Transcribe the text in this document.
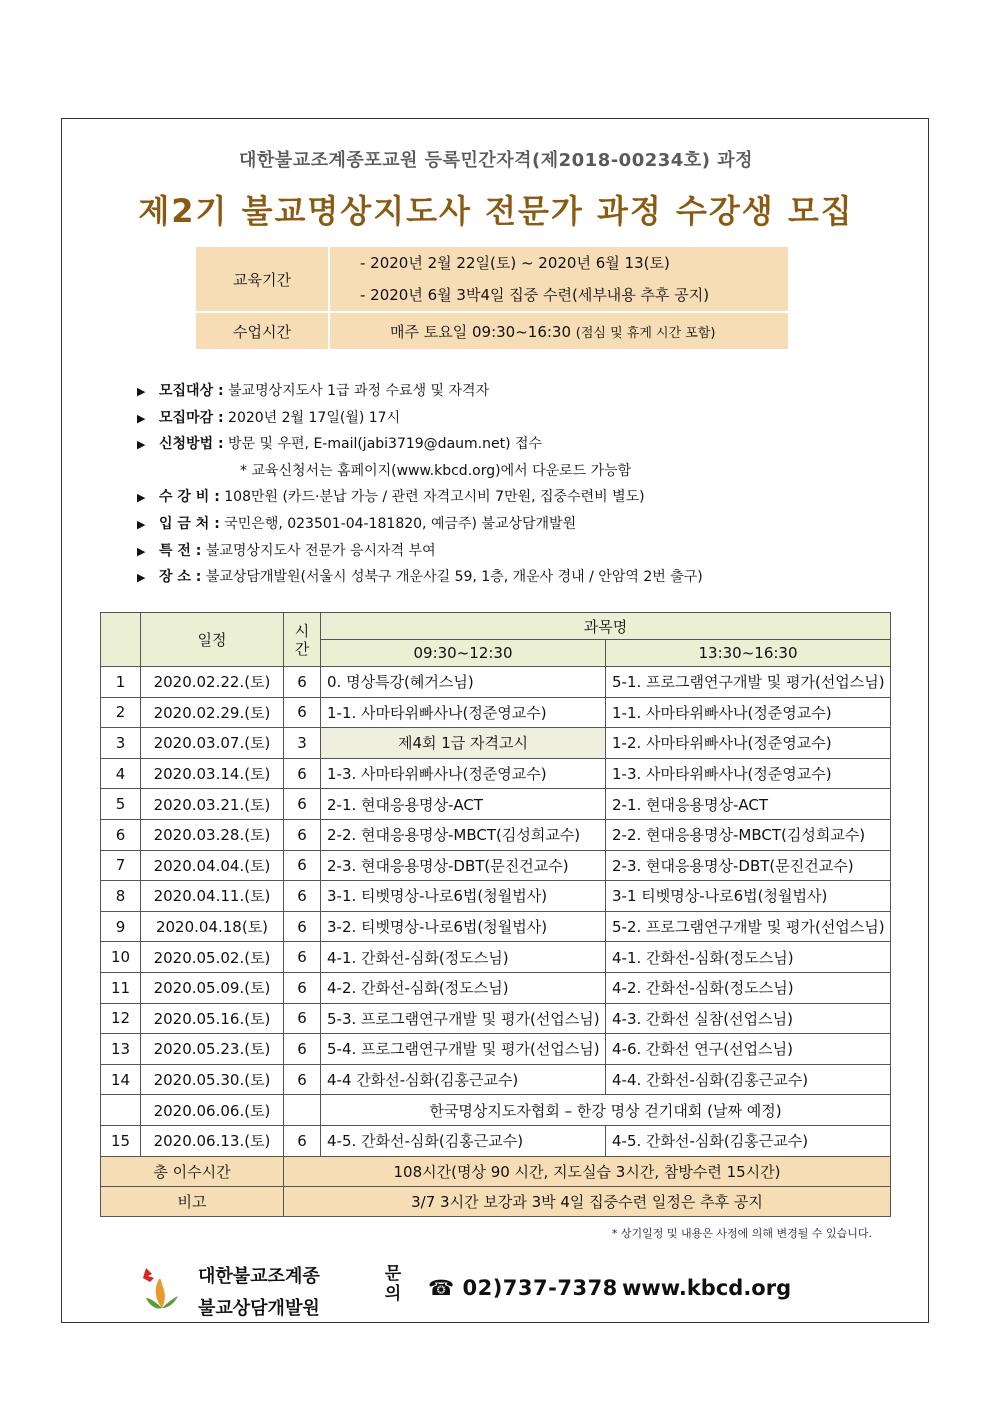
대한불교조계종포교원 등록민간자격(제2018-00234호) 과정
제2기 불교명상지도사 전문가 과정 수강생 모집
교육기간	- 2020년 2월 22일(토) ~ 2020년 6월 13(토)
- 2020년 6월 3박4일 집중 수련(세부내용 추후 공지)

수업시간	매주 토요일 09:30~16:30 (점심 및 휴게 시간 포함)
▶ 모집대상 : 불교명상지도사 1급 과정 수료생 및 자격자
▶ 모집마감 : 2020년 2월 17일(월) 17시
▶ 신청방법 : 방문 및 우편, E-mail(jabi3719@daum.net) 접수
* 교육신청서는 홈페이지(www.kbcd.org)에서 다운로드 가능함
▶ 수 강 비 : 108만원 (카드·분납 가능 / 관련 자격고시비 7만원, 집중수련비 별도)
▶ 입 금 처 : 국민은행, 023501-04-181820, 예금주) 불교상담개발원
▶ 특 전 : 불교명상지도사 전문가 응시자격 부여
▶ 장 소 : 불교상담개발원(서울시 성북구 개운사길 59, 1층, 개운사 경내 / 안암역 2번 출구)
	일정	시간	과목명	
			09:30~12:30	13:30~16:30
1	2020.02.22.(토)	6	0. 명상특강(혜거스님)	5-1. 프로그램연구개발 및 평가(선업스님)
2	2020.02.29.(토)	6	1-1. 사마타위빠사나(정준영교수)	1-1. 사마타위빠사나(정준영교수)
3	2020.03.07.(토)	3	제4회 1급 자격고시	1-2. 사마타위빠사나(정준영교수)
4	2020.03.14.(토)	6	1-3. 사마타위빠사나(정준영교수)	1-3. 사마타위빠사나(정준영교수)
5	2020.03.21.(토)	6	2-1. 현대응용명상-ACT	2-1. 현대응용명상-ACT
6	2020.03.28.(토)	6	2-2. 현대응용명상-MBCT(김성희교수)	2-2. 현대응용명상-MBCT(김성희교수)
7	2020.04.04.(토)	6	2-3. 현대응용명상-DBT(문진건교수)	2-3. 현대응용명상-DBT(문진건교수)
8	2020.04.11.(토)	6	3-1. 티벳명상-나로6법(청월법사)	3-1 티벳명상-나로6법(청월법사)
9	2020.04.18(토)	6	3-2. 티벳명상-나로6법(청월법사)	5-2. 프로그램연구개발 및 평가(선업스님)
10	2020.05.02.(토)	6	4-1. 간화선-심화(정도스님)	4-1. 간화선-심화(정도스님)
11	2020.05.09.(토)	6	4-2. 간화선-심화(정도스님)	4-2. 간화선-심화(정도스님)
12	2020.05.16.(토)	6	5-3. 프로그램연구개발 및 평가(선업스님)	4-3. 간화선 실참(선업스님)
13	2020.05.23.(토)	6	5-4. 프로그램연구개발 및 평가(선업스님)	4-6. 간화선 연구(선업스님)
14	2020.05.30.(토)	6	4-4 간화선-심화(김홍근교수)	4-4. 간화선-심화(김홍근교수)
	2020.06.06.(토)		한국명상지도자협회 – 한강 명상 걷기대회 (날짜 예정)	
15	2020.06.13.(토)	6	4-5. 간화선-심화(김홍근교수)	4-5. 간화선-심화(김홍근교수)
총 이수시간		108시간(명상 90 시간, 지도실습 3시간, 참방수련 15시간)		
비고		3/7 3시간 보강과 3박 4일 집중수련 일정은 추후 공지		
* 상기일정 및 내용은 사정에 의해 변경될 수 있습니다.
대한불교조계종
불교상담개발원
문의 ☎ 02)737-7378 www.kbcd.org
